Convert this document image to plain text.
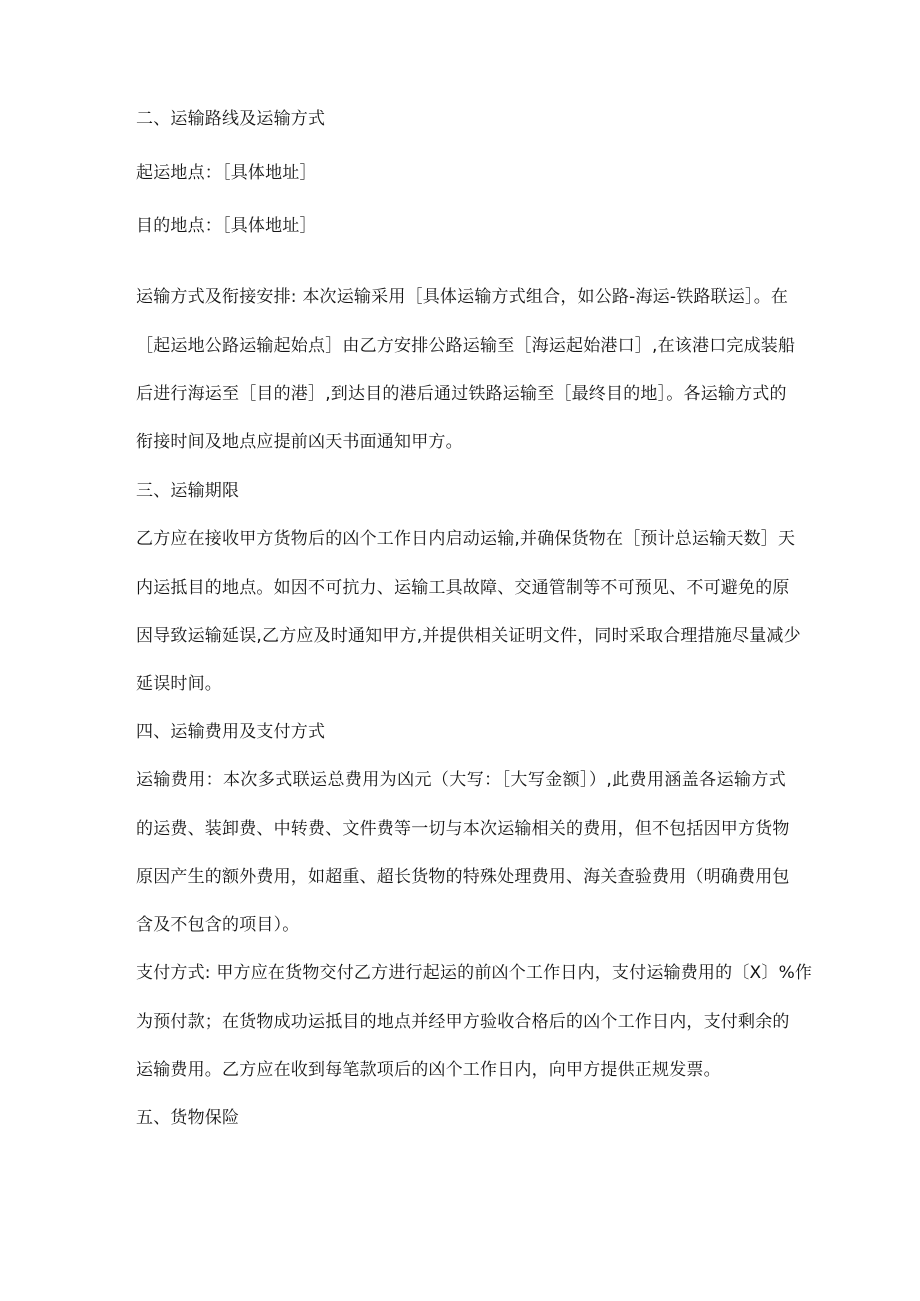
二、运输路线及运输方式
起运地点：［具体地址］
目的地点：［具体地址］
运输方式及衔接安排: 本次运输采用［具体运输方式组合，如公路-海运-铁路联运］。在
［起运地公路运输起始点］由乙方安排公路运输至［海运起始港口］,在该港口完成装船
后进行海运至［目的港］,到达目的港后通过铁路运输至［最终目的地］。各运输方式的
衔接时间及地点应提前凶天书面通知甲方。
三、运输期限
乙方应在接收甲方货物后的凶个工作日内启动运输,并确保货物在［预计总运输天数］天
内运抵目的地点。如因不可抗力、运输工具故障、交通管制等不可预见、不可避免的原
因导致运输延误,乙方应及时通知甲方,并提供相关证明文件，同时采取合理措施尽量减少
延误时间。
四、运输费用及支付方式
运输费用：本次多式联运总费用为凶元（大写：［大写金额］）,此费用涵盖各运输方式
的运费、装卸费、中转费、文件费等一切与本次运输相关的费用，但不包括因甲方货物
原因产生的额外费用，如超重、超长货物的特殊处理费用、海关查验费用（明确费用包
含及不包含的项目）。
支付方式: 甲方应在货物交付乙方进行起运的前凶个工作日内，支付运输费用的〔X〕%作
为预付款；在货物成功运抵目的地点并经甲方验收合格后的凶个工作日内，支付剩余的
运输费用。乙方应在收到每笔款项后的凶个工作日内，向甲方提供正规发票。
五、货物保险
